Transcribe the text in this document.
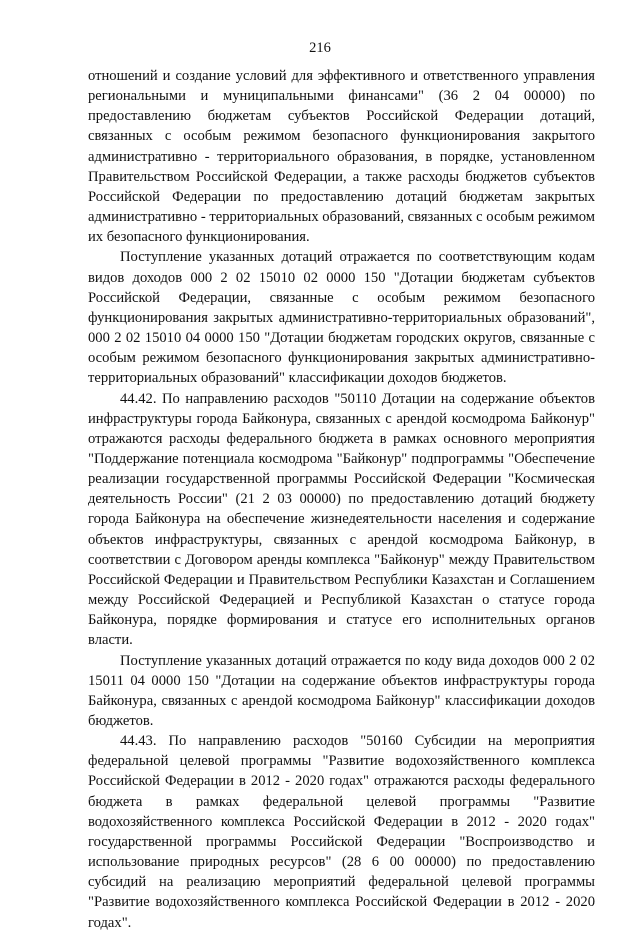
216

отношений и создание условий для эффективного и ответственного управления региональными и муниципальными финансами" (36 2 04 00000) по предоставлению бюджетам субъектов Российской Федерации дотаций, связанных с особым режимом безопасного функционирования закрытого административно - территориального образования, в порядке, установленном Правительством Российской Федерации, а также расходы бюджетов субъектов Российской Федерации по предоставлению дотаций бюджетам закрытых административно - территориальных образований, связанных с особым режимом их безопасного функционирования.

Поступление указанных дотаций отражается по соответствующим кодам видов доходов 000 2 02 15010 02 0000 150 "Дотации бюджетам субъектов Российской Федерации, связанные с особым режимом безопасного функционирования закрытых административно-территориальных образований", 000 2 02 15010 04 0000 150 "Дотации бюджетам городских округов, связанные с особым режимом безопасного функционирования закрытых административно-территориальных образований" классификации доходов бюджетов.

44.42. По направлению расходов "50110 Дотации на содержание объектов инфраструктуры города Байконура, связанных с арендой космодрома Байконур" отражаются расходы федерального бюджета в рамках основного мероприятия "Поддержание потенциала космодрома "Байконур" подпрограммы "Обеспечение реализации государственной программы Российской Федерации "Космическая деятельность России" (21 2 03 00000) по предоставлению дотаций бюджету города Байконура на обеспечение жизнедеятельности населения и содержание объектов инфраструктуры, связанных с арендой космодрома Байконур, в соответствии с Договором аренды комплекса "Байконур" между Правительством Российской Федерации и Правительством Республики Казахстан и Соглашением между Российской Федерацией и Республикой Казахстан о статусе города Байконура, порядке формирования и статусе его исполнительных органов власти.

Поступление указанных дотаций отражается по коду вида доходов 000 2 02 15011 04 0000 150 "Дотации на содержание объектов инфраструктуры города Байконура, связанных с арендой космодрома Байконур" классификации доходов бюджетов.

44.43. По направлению расходов "50160 Субсидии на мероприятия федеральной целевой программы "Развитие водохозяйственного комплекса Российской Федерации в 2012 - 2020 годах" отражаются расходы федерального бюджета в рамках федеральной целевой программы "Развитие водохозяйственного комплекса Российской Федерации в 2012 - 2020 годах" государственной программы Российской Федерации "Воспроизводство и использование природных ресурсов" (28 6 00 00000) по предоставлению субсидий на реализацию мероприятий федеральной целевой программы "Развитие водохозяйственного комплекса Российской Федерации в 2012 - 2020 годах".
